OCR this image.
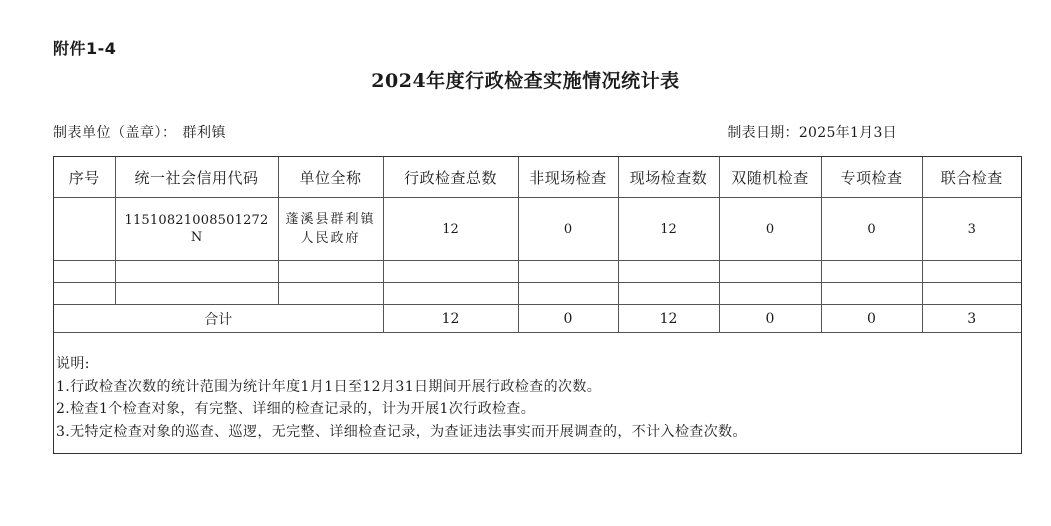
附件1-4
2024年度行政检查实施情况统计表
制表单位（盖章）： 群利镇	制表日期：2025年1月3日
序号	统一社会信用代码	单位全称	行政检查总数	非现场检查	现场检查数	双随机检查	专项检查	联合检查

	11510821008501272
N	蓬溪县群利镇人民政府	12	0	12	0	0	3

合计			12	0	12	0	0	3
说明:
1.行政检查次数的统计范围为统计年度1月1日至12月31日期间开展行政检查的次数。
2.检查1个检查对象，有完整、详细的检查记录的，计为开展1次行政检查。
3.无特定检查对象的巡查、巡逻，无完整、详细检查记录，为查证违法事实而开展调查的，不计入检查次数。
